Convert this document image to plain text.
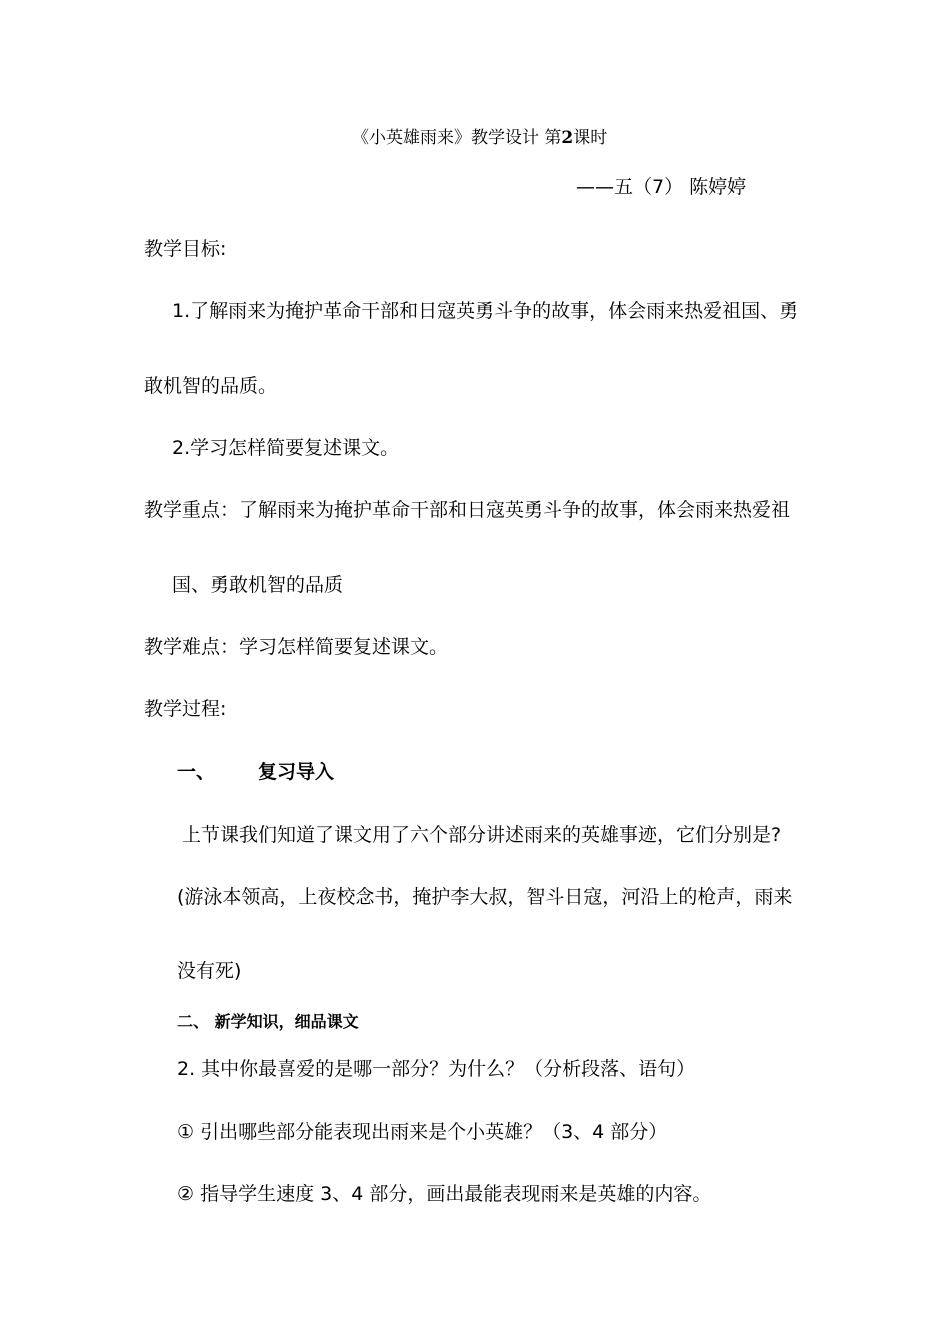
《小英雄雨来》教学设计 第2课时
——五（7） 陈婷婷
教学目标:
1.了解雨来为掩护革命干部和日寇英勇斗争的故事，体会雨来热爱祖国、勇
敢机智的品质。
2.学习怎样简要复述课文。
教学重点：了解雨来为掩护革命干部和日寇英勇斗争的故事，体会雨来热爱祖
国、勇敢机智的品质
教学难点：学习怎样简要复述课文。
教学过程:
一、 复习导入
上节课我们知道了课文用了六个部分讲述雨来的英雄事迹，它们分别是?
(游泳本领高，上夜校念书，掩护李大叔，智斗日寇，河沿上的枪声，雨来
没有死)
二、 新学知识，细品课文
2. 其中你最喜爱的是哪一部分？为什么？（分析段落、语句）
① 引出哪些部分能表现出雨来是个小英雄？（3、4 部分）
② 指导学生速度 3、4 部分，画出最能表现雨来是英雄的内容。
